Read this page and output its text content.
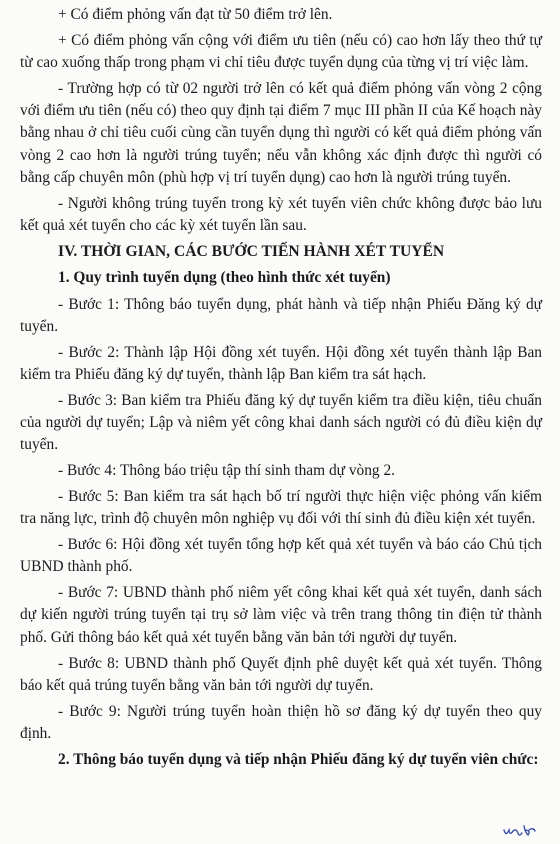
+ Có điểm phỏng vấn đạt từ 50 điểm trở lên.

+ Có điểm phỏng vấn cộng với điểm ưu tiên (nếu có) cao hơn lấy theo thứ tự từ cao xuống thấp trong phạm vi chỉ tiêu được tuyển dụng của từng vị trí việc làm.

- Trường hợp có từ 02 người trở lên có kết quả điểm phỏng vấn vòng 2 cộng với điểm ưu tiên (nếu có) theo quy định tại điểm 7 mục III phần II của Kế hoạch này bằng nhau ở chỉ tiêu cuối cùng cần tuyển dụng thì người có kết quả điểm phỏng vấn vòng 2 cao hơn là người trúng tuyển; nếu vẫn không xác định được thì người có bằng cấp chuyên môn (phù hợp vị trí tuyển dụng) cao hơn là người trúng tuyển.

- Người không trúng tuyển trong kỳ xét tuyển viên chức không được bảo lưu kết quả xét tuyển cho các kỳ xét tuyển lần sau.

IV. THỜI GIAN, CÁC BƯỚC TIẾN HÀNH XÉT TUYỂN

1. Quy trình tuyển dụng (theo hình thức xét tuyển)

- Bước 1: Thông báo tuyển dụng, phát hành và tiếp nhận Phiếu Đăng ký dự tuyển.

- Bước 2: Thành lập Hội đồng xét tuyển. Hội đồng xét tuyển thành lập Ban kiểm tra Phiếu đăng ký dự tuyển, thành lập Ban kiểm tra sát hạch.

- Bước 3: Ban kiểm tra Phiếu đăng ký dự tuyển kiểm tra điều kiện, tiêu chuẩn của người dự tuyển; Lập và niêm yết công khai danh sách người có đủ điều kiện dự tuyển.

- Bước 4: Thông báo triệu tập thí sinh tham dự vòng 2.

- Bước 5: Ban kiểm tra sát hạch bố trí người thực hiện việc phỏng vấn kiểm tra năng lực, trình độ chuyên môn nghiệp vụ đối với thí sinh đủ điều kiện xét tuyển.

- Bước 6: Hội đồng xét tuyển tổng hợp kết quả xét tuyển và báo cáo Chủ tịch UBND thành phố.

- Bước 7: UBND thành phố niêm yết công khai kết quả xét tuyển, danh sách dự kiến người trúng tuyển tại trụ sở làm việc và trên trang thông tin điện tử thành phố. Gửi thông báo kết quả xét tuyển bằng văn bản tới người dự tuyển.

- Bước 8: UBND thành phố Quyết định phê duyệt kết quả xét tuyển. Thông báo kết quả trúng tuyển bằng văn bản tới người dự tuyển.

- Bước 9: Người trúng tuyển hoàn thiện hồ sơ đăng ký dự tuyển theo quy định.

2. Thông báo tuyển dụng và tiếp nhận Phiếu đăng ký dự tuyển viên chức:
